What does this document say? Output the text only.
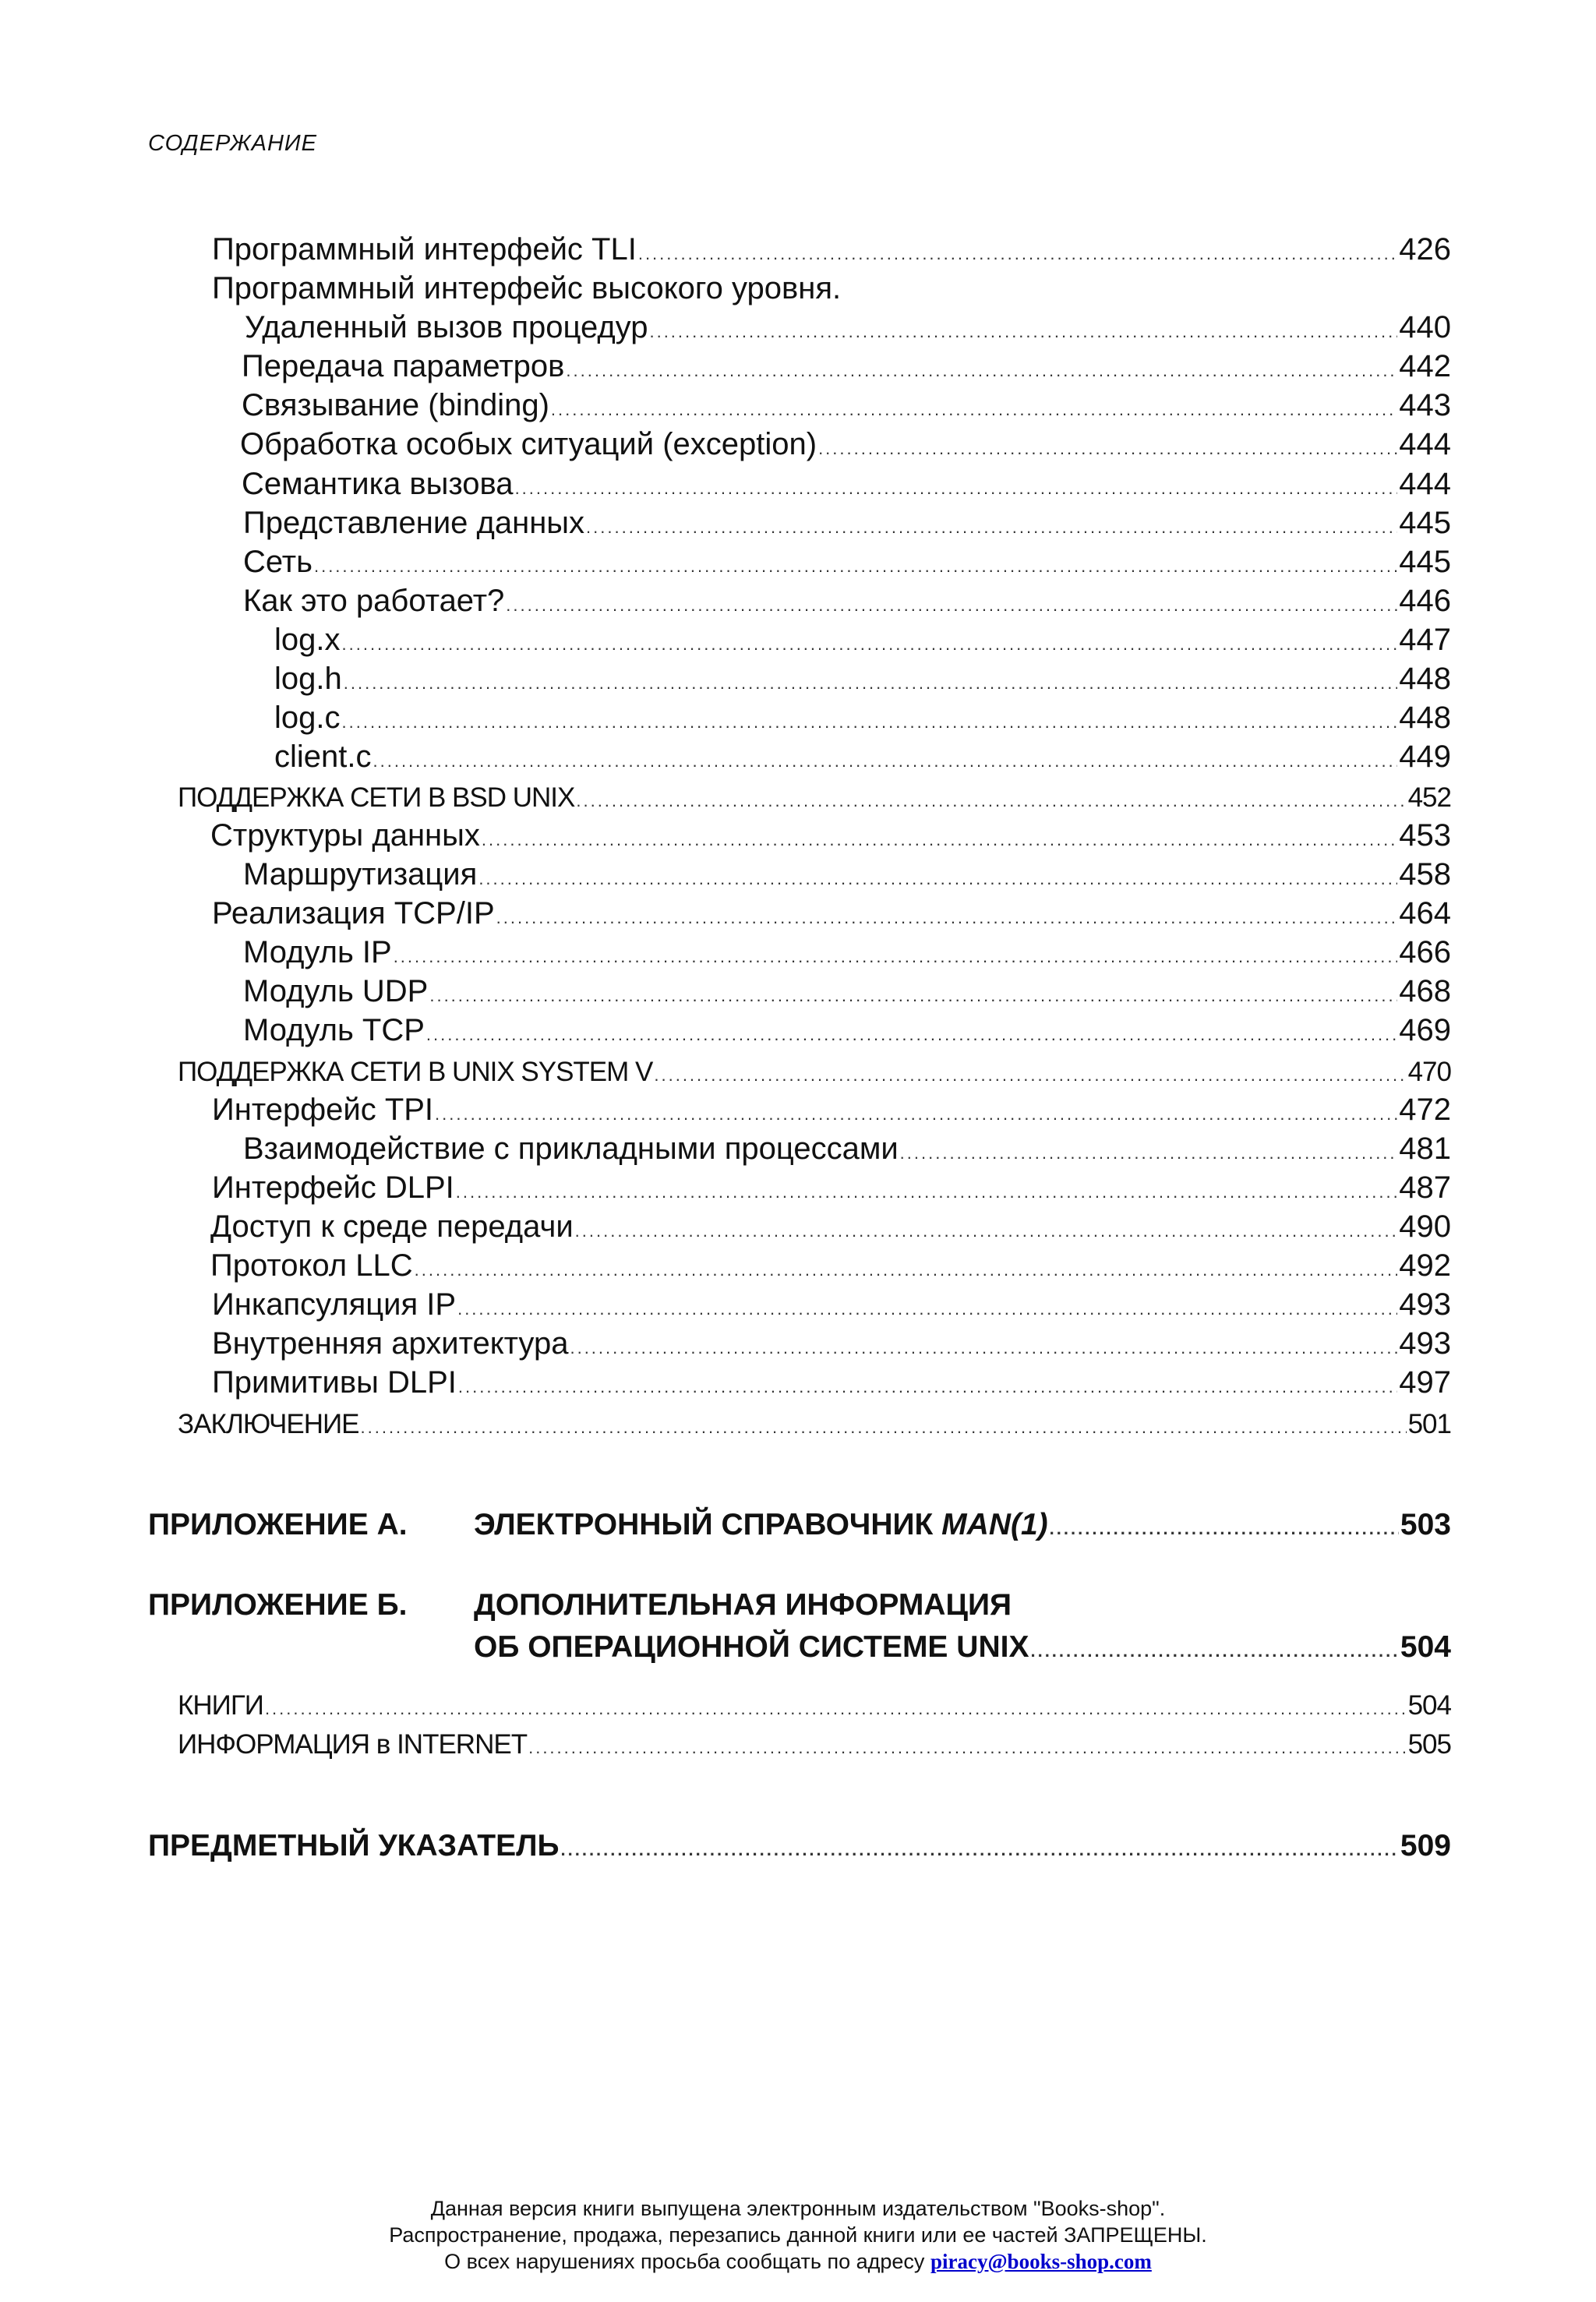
СОДЕРЖАНИЕ
Программный интерфейс TLI .....	426
Программный интерфейс высокого уровня.
Удаленный вызов процедур .....	440
Передача параметров .....	442
Связывание (binding) .....	443
Обработка особых ситуаций (exception) .....	444
Семантика вызова .....	444
Представление данных .....	445
Сеть .....	445
Как это работает? .....	446
log.x .....	447
log.h .....	448
log.c .....	448
client.c .....	449
ПОДДЕРЖКА СЕТИ В BSD UNIX .....	452
Структуры данных .....	453
Маршрутизация .....	458
Реализация TCP/IP .....	464
Модуль IP .....	466
Модуль UDP .....	468
Модуль TCP .....	469
ПОДДЕРЖКА СЕТИ В UNIX SYSTEM V .....	470
Интерфейс TPI .....	472
Взаимодействие с прикладными процессами .....	481
Интерфейс DLPI .....	487
Доступ к среде передачи .....	490
Протокол LLC .....	492
Инкапсуляция IP .....	493
Внутренняя архитектура .....	493
Примитивы DLPI .....	497
ЗАКЛЮЧЕНИЕ .....	501
ПРИЛОЖЕНИЕ А. ЭЛЕКТРОННЫЙ СПРАВОЧНИК MAN(1) .....	503
ПРИЛОЖЕНИЕ Б. ДОПОЛНИТЕЛЬНАЯ ИНФОРМАЦИЯ
ОБ ОПЕРАЦИОННОЙ СИСТЕМЕ UNIX .....	504
КНИГИ .....	504
ИНФОРМАЦИЯ в INTERNET .....	505
ПРЕДМЕТНЫЙ УКАЗАТЕЛЬ .....	509
Данная версия книги выпущена электронным издательством "Books-shop".
Распространение, продажа, перезапись данной книги или ее частей ЗАПРЕЩЕНЫ.
О всех нарушениях просьба сообщать по адресу piracy@books-shop.com
